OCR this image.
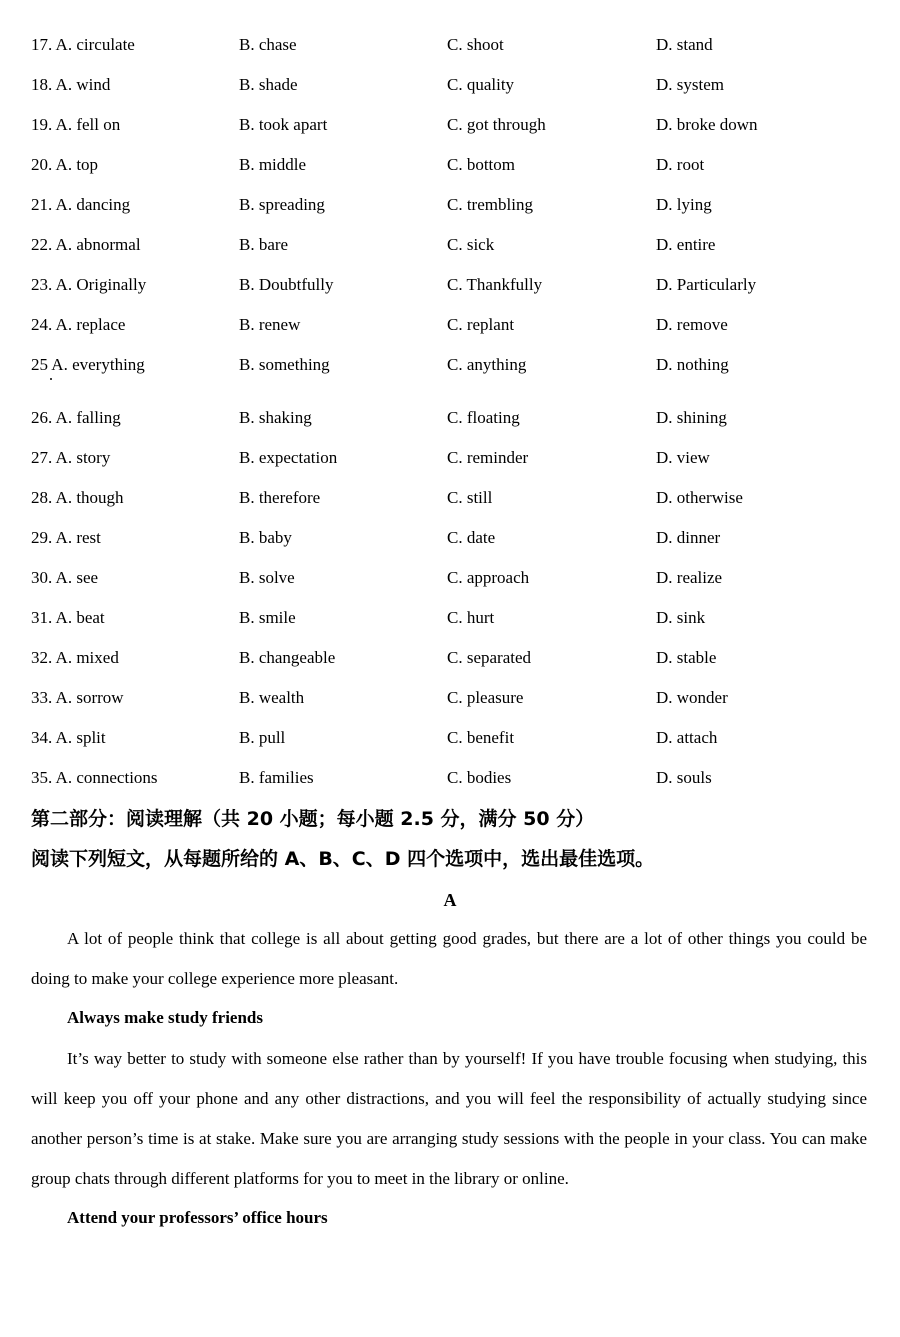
17. A. circulate	B. chase	C. shoot	D. stand
18. A. wind	B. shade	C. quality	D. system
19. A. fell on	B. took apart	C. got through	D. broke down
20. A. top	B. middle	C. bottom	D. root
21. A. dancing	B. spreading	C. trembling	D. lying
22. A. abnormal	B. bare	C. sick	D. entire
23. A. Originally	B. Doubtfully	C. Thankfully	D. Particularly
24. A. replace	B. renew	C. replant	D. remove
25 A. everything	B. something	C. anything	D. nothing
26. A. falling	B. shaking	C. floating	D. shining
27. A. story	B. expectation	C. reminder	D. view
28. A. though	B. therefore	C. still	D. otherwise
29. A. rest	B. baby	C. date	D. dinner
30. A. see	B. solve	C. approach	D. realize
31. A. beat	B. smile	C. hurt	D. sink
32. A. mixed	B. changeable	C. separated	D. stable
33. A. sorrow	B. wealth	C. pleasure	D. wonder
34. A. split	B. pull	C. benefit	D. attach
35. A. connections	B. families	C. bodies	D. souls
第二部分：阅读理解（共 20 小题；每小题 2.5 分，满分 50 分）
阅读下列短文，从每题所给的 A、B、C、D 四个选项中，选出最佳选项。
A
A lot of people think that college is all about getting good grades, but there are a lot of other things you could be doing to make your college experience more pleasant.
Always make study friends
It’s way better to study with someone else rather than by yourself! If you have trouble focusing when studying, this will keep you off your phone and any other distractions, and you will feel the responsibility of actually studying since another person’s time is at stake. Make sure you are arranging study sessions with the people in your class. You can make group chats through different platforms for you to meet in the library or online.
Attend your professors’ office hours
